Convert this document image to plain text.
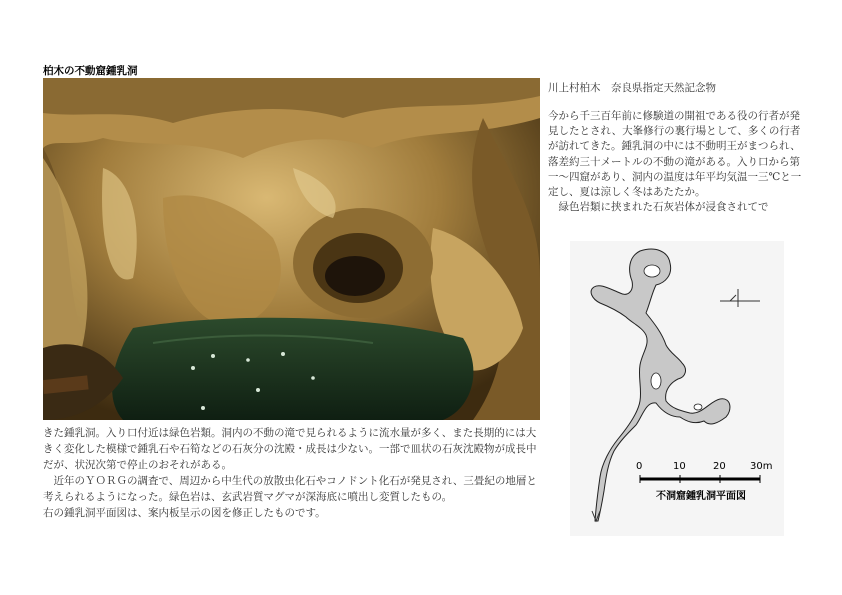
柏木の不動窟鍾乳洞
川上村柏木　奈良県指定天然記念物

今から千三百年前に修験道の開祖である役の行者が発見したとされ、大峯修行の裏行場として、多くの行者が訪れてきた。鍾乳洞の中には不動明王がまつられ、落差約三十メートルの不動の滝がある。入り口から第一〜四窟があり、洞内の温度は年平均気温一三℃と一定し、夏は涼しく冬はあたたか。

緑色岩類に挟まれた石灰岩体が浸食されてで

0	10	20 30m
不洞窟鍾乳洞平面図

きた鍾乳洞。入り口付近は緑色岩類。洞内の不動の滝で見られるように流水量が多く、また長期的には大きく変化した模様で鍾乳石や石筍などの石灰分の沈殿・成長は少ない。一部で皿状の石灰沈殿物が成長中だが、状況次第で停止のおそれがある。

近年のＹＯＲＧの調査で、周辺から中生代の放散虫化石やコノドント化石が発見され、三畳紀の地層と考えられるようになった。緑色岩は、玄武岩質マグマが深海底に噴出し変質したもの。

右の鍾乳洞平面図は、案内板呈示の図を修正したものです。
